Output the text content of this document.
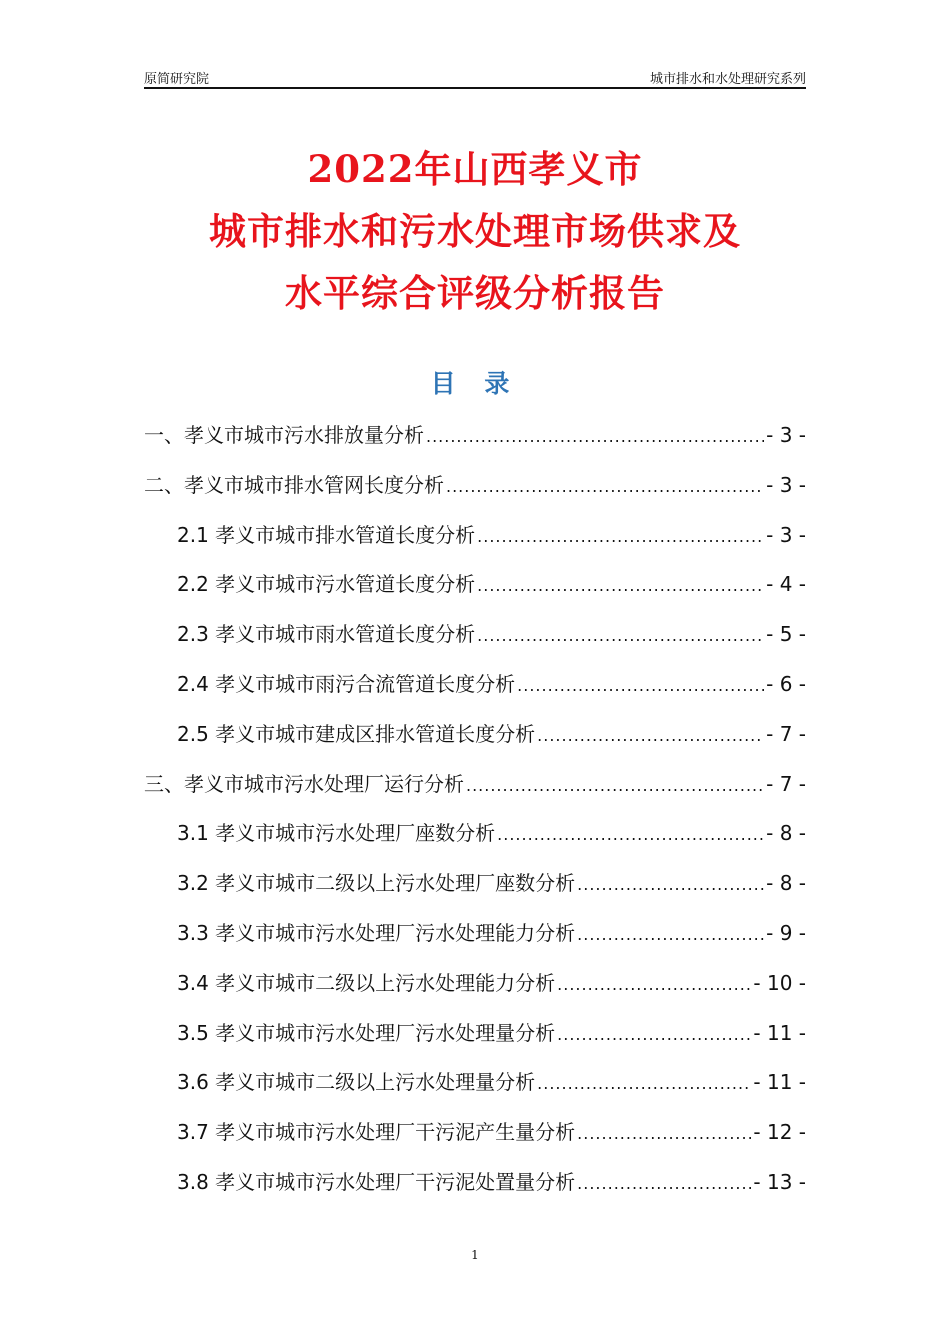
原简研究院	城市排水和水处理研究系列
2022年山西孝义市
城市排水和污水处理市场供求及
水平综合评级分析报告
目 录
一、孝义市城市污水排放量分析 .....	- 3 -
二、孝义市城市排水管网长度分析 .....	- 3 -
2.1 孝义市城市排水管道长度分析 .....	- 3 -
2.2 孝义市城市污水管道长度分析 .....	- 4 -
2.3 孝义市城市雨水管道长度分析 .....	- 5 -
2.4 孝义市城市雨污合流管道长度分析 .....	- 6 -
2.5 孝义市城市建成区排水管道长度分析 .....	- 7 -
三、孝义市城市污水处理厂运行分析 .....	- 7 -
3.1 孝义市城市污水处理厂座数分析 .....	- 8 -
3.2 孝义市城市二级以上污水处理厂座数分析 .....	- 8 -
3.3 孝义市城市污水处理厂污水处理能力分析 .....	- 9 -
3.4 孝义市城市二级以上污水处理能力分析 .....	- 10 -
3.5 孝义市城市污水处理厂污水处理量分析 .....	- 11 -
3.6 孝义市城市二级以上污水处理量分析 .....	- 11 -
3.7 孝义市城市污水处理厂干污泥产生量分析 .....	- 12 -
3.8 孝义市城市污水处理厂干污泥处置量分析 .....	- 13 -
1
